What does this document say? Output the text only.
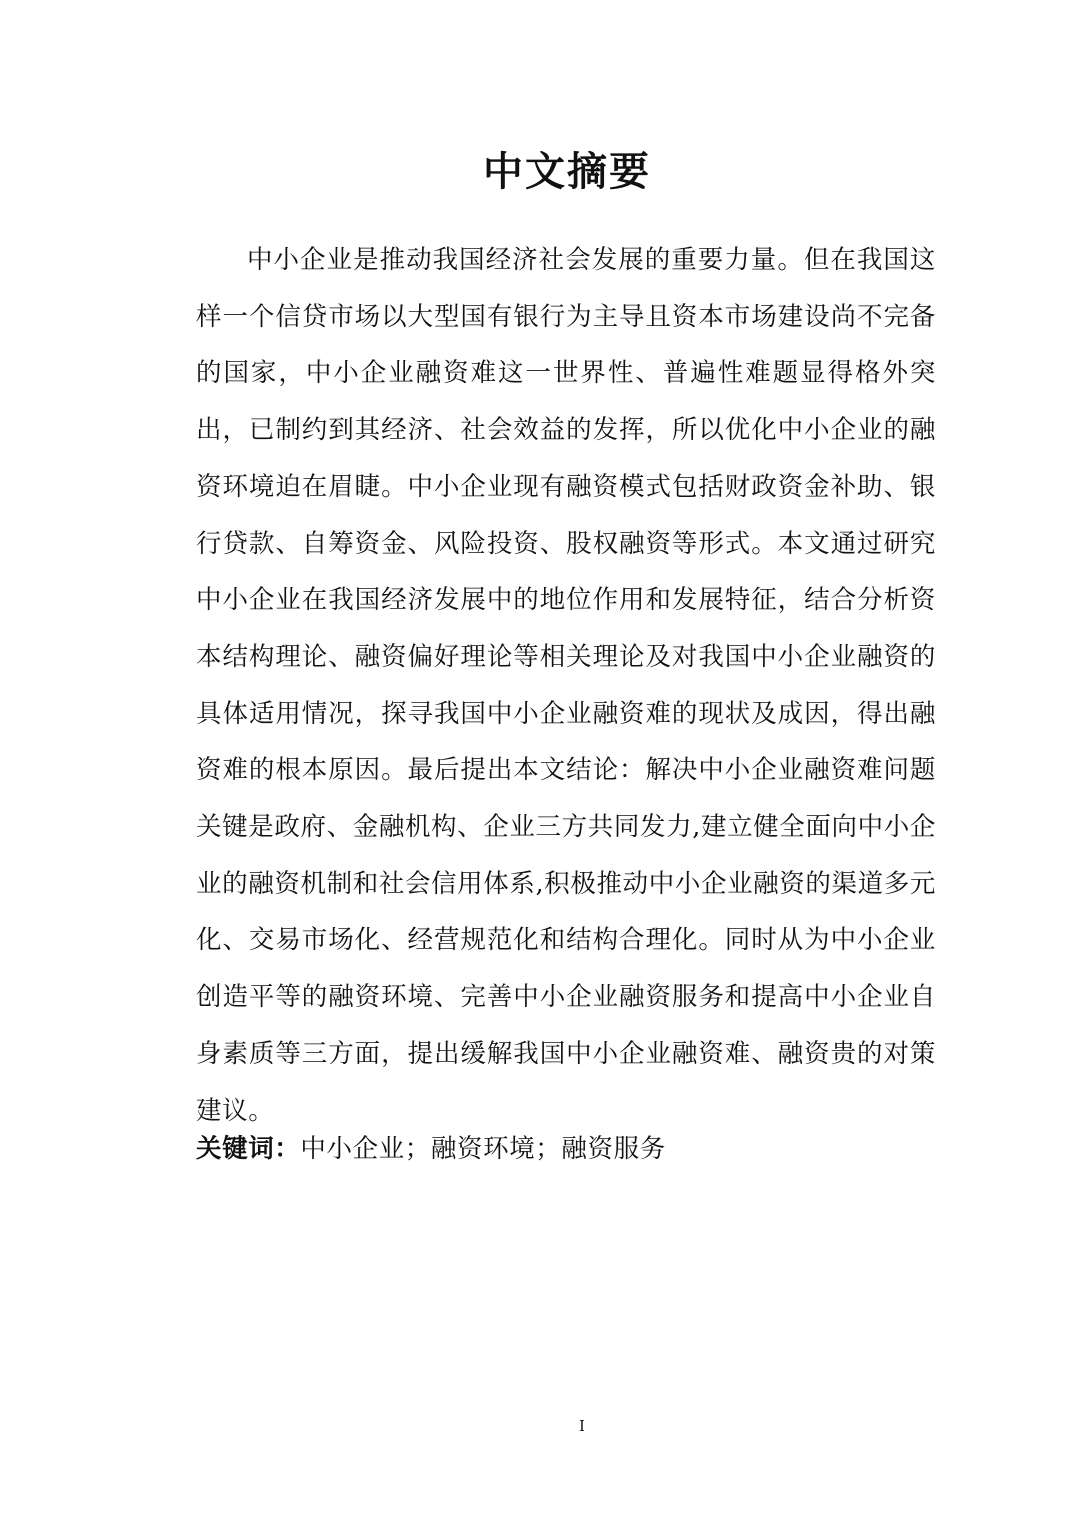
中文摘要

中小企业是推动我国经济社会发展的重要力量。但在我国这样一个信贷市场以大型国有银行为主导且资本市场建设尚不完备的国家，中小企业融资难这一世界性、普遍性难题显得格外突出，已制约到其经济、社会效益的发挥，所以优化中小企业的融资环境迫在眉睫。中小企业现有融资模式包括财政资金补助、银行贷款、自筹资金、风险投资、股权融资等形式。本文通过研究中小企业在我国经济发展中的地位作用和发展特征，结合分析资本结构理论、融资偏好理论等相关理论及对我国中小企业融资的具体适用情况，探寻我国中小企业融资难的现状及成因，得出融资难的根本原因。最后提出本文结论：解决中小企业融资难问题关键是政府、金融机构、企业三方共同发力,建立健全面向中小企业的融资机制和社会信用体系,积极推动中小企业融资的渠道多元化、交易市场化、经营规范化和结构合理化。同时从为中小企业创造平等的融资环境、完善中小企业融资服务和提高中小企业自身素质等三方面，提出缓解我国中小企业融资难、融资贵的对策建议。

关键词：中小企业；融资环境；融资服务

I
